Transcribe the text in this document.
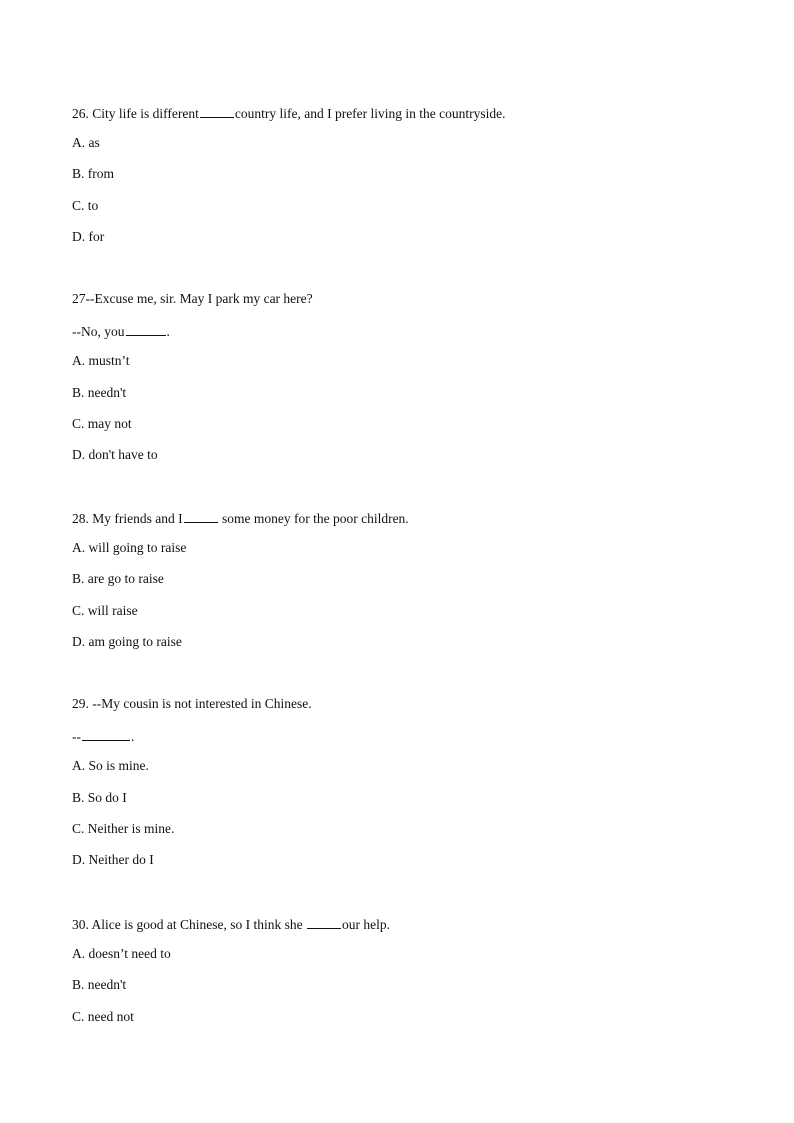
26. City life is different	country life, and I prefer living in the countryside.
A. as
B. from
C. to
D. for
27--Excuse me, sir. May I park my car here?
--No, you	.
A. mustn’t
B. needn't
C. may not
D. don't have to
28. My friends and I	some money for the poor children.
A. will going to raise
B. are go to raise
C. will raise
D. am going to raise
29. --My cousin is not interested in Chinese.
--	.
A. So is mine.
B. So do I
C. Neither is mine.
D. Neither do I
30. Alice is good at Chinese, so I think she	our help.
A. doesn’t need to
B. needn't
C. need not
